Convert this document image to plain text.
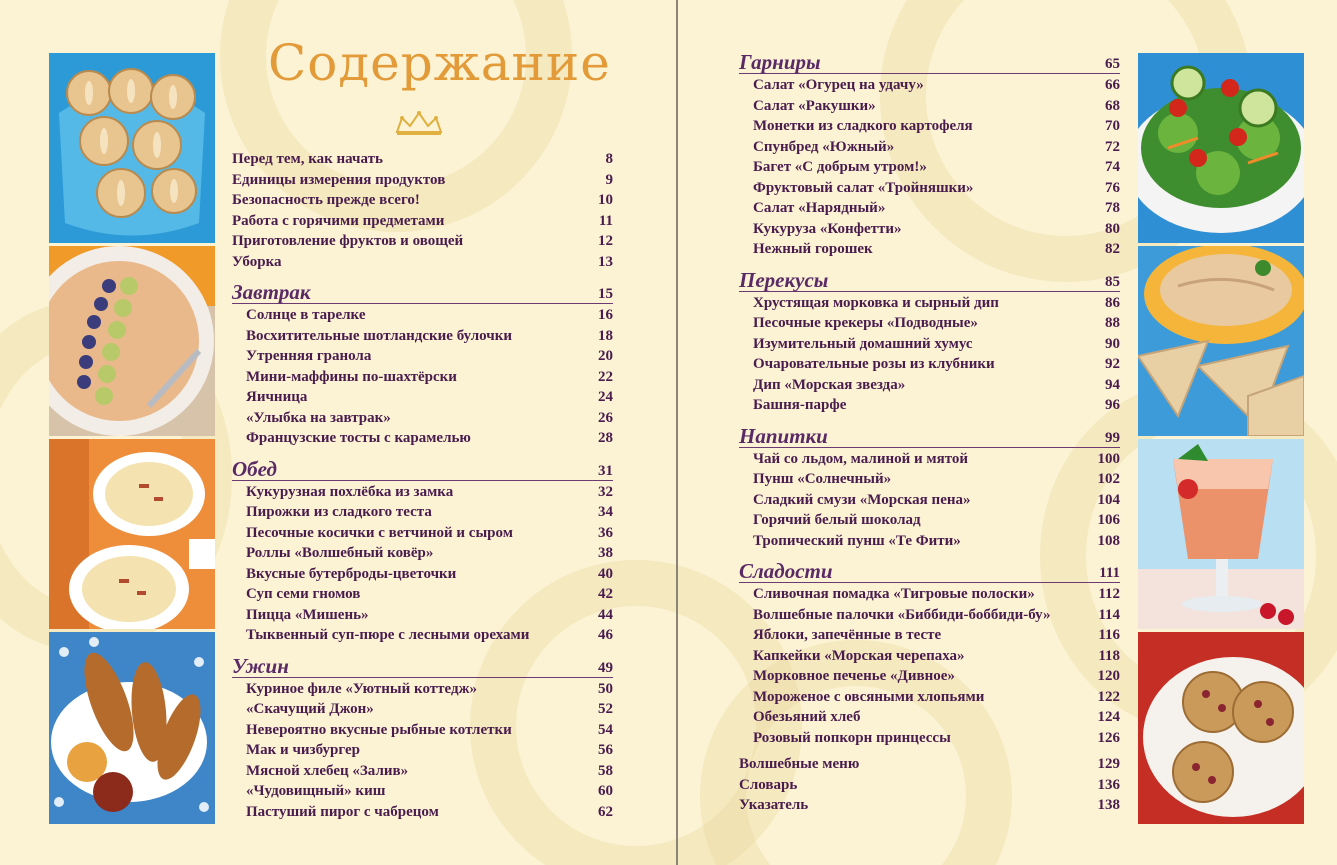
Содержание
Перед тем, как начать	8
Единицы измерения продуктов	9
Безопасность прежде всего!	10
Работа с горячими предметами	11
Приготовление фруктов и овощей	12
Уборка	13
Завтрак	15
Солнце в тарелке	16
Восхитительные шотландские булочки	18
Утренняя гранола	20
Мини-маффины по-шахтёрски	22
Яичница	24
«Улыбка на завтрак»	26
Французские тосты с карамелью	28
Обед	31
Кукурузная похлёбка из замка	32
Пирожки из сладкого теста	34
Песочные косички с ветчиной и сыром	36
Роллы «Волшебный ковёр»	38
Вкусные бутерброды-цветочки	40
Суп семи гномов	42
Пицца «Мишень»	44
Тыквенный суп-пюре с лесными орехами	46
Ужин	49
Куриное филе «Уютный коттедж»	50
«Скачущий Джон»	52
Невероятно вкусные рыбные котлетки	54
Мак и чизбургер	56
Мясной хлебец «Залив»	58
«Чудовищный» киш	60
Пастуший пирог с чабрецом	62
Гарниры	65
Салат «Огурец на удачу»	66
Салат «Ракушки»	68
Монетки из сладкого картофеля	70
Спунбред «Южный»	72
Багет «С добрым утром!»	74
Фруктовый салат «Тройняшки»	76
Салат «Нарядный»	78
Кукуруза «Конфетти»	80
Нежный горошек	82
Перекусы	85
Хрустящая морковка и сырный дип	86
Песочные крекеры «Подводные»	88
Изумительный домашний хумус	90
Очаровательные розы из клубники	92
Дип «Морская звезда»	94
Башня-парфе	96
Напитки	99
Чай со льдом, малиной и мятой	100
Пунш «Солнечный»	102
Сладкий смузи «Морская пена»	104
Горячий белый шоколад	106
Тропический пунш «Те Фити»	108
Сладости	111
Сливочная помадка «Тигровые полоски»	112
Волшебные палочки «Биббиди-боббиди-бу»	114
Яблоки, запечённые в тесте	116
Капкейки «Морская черепаха»	118
Морковное печенье «Дивное»	120
Мороженое с овсяными хлопьями	122
Обезьяний хлеб	124
Розовый попкорн принцессы	126
Волшебные меню	129
Словарь	136
Указатель	138
